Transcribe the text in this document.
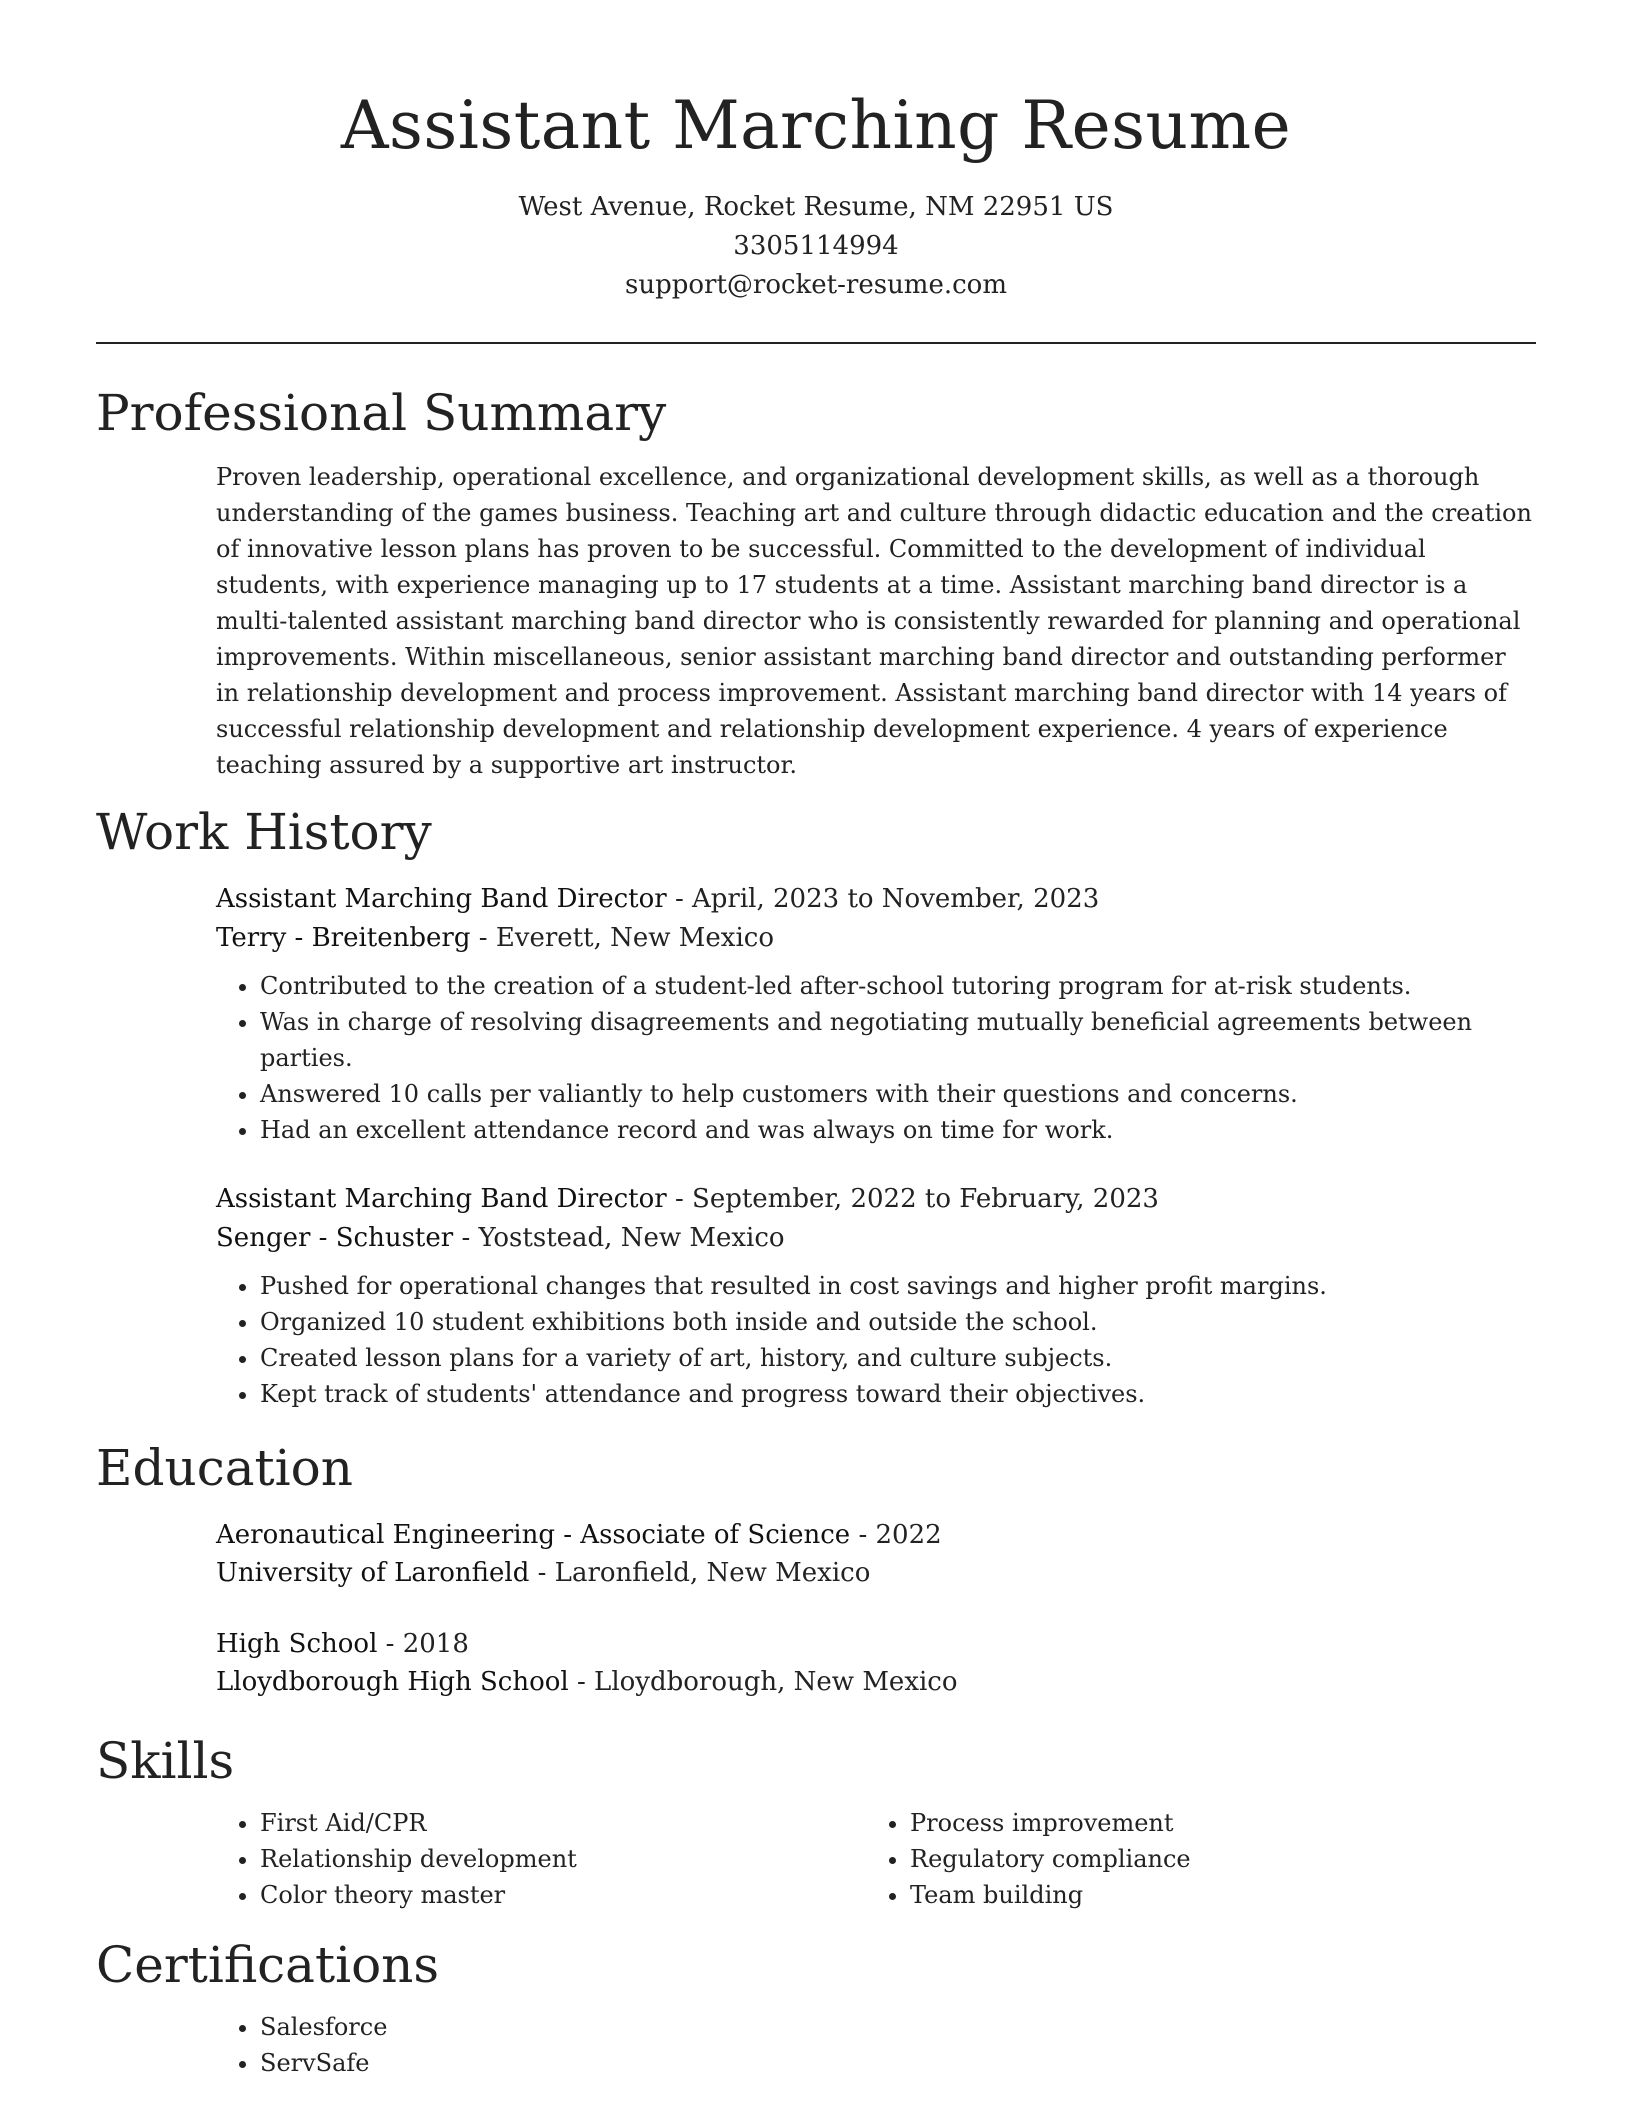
Assistant Marching Resume
West Avenue, Rocket Resume, NM 22951 US
3305114994
support@rocket-resume.com
Professional Summary
Proven leadership, operational excellence, and organizational development skills, as well as a thorough understanding of the games business. Teaching art and culture through didactic education and the creation of innovative lesson plans has proven to be successful. Committed to the development of individual students, with experience managing up to 17 students at a time. Assistant marching band director is a multi-talented assistant marching band director who is consistently rewarded for planning and operational improvements. Within miscellaneous, senior assistant marching band director and outstanding performer in relationship development and process improvement. Assistant marching band director with 14 years of successful relationship development and relationship development experience. 4 years of experience teaching assured by a supportive art instructor.
Work History
Assistant Marching Band Director - April, 2023 to November, 2023
Terry - Breitenberg - Everett, New Mexico
• Contributed to the creation of a student-led after-school tutoring program for at-risk students.
• Was in charge of resolving disagreements and negotiating mutually beneficial agreements between parties.
• Answered 10 calls per valiantly to help customers with their questions and concerns.
• Had an excellent attendance record and was always on time for work.
Assistant Marching Band Director - September, 2022 to February, 2023
Senger - Schuster - Yoststead, New Mexico
• Pushed for operational changes that resulted in cost savings and higher profit margins.
• Organized 10 student exhibitions both inside and outside the school.
• Created lesson plans for a variety of art, history, and culture subjects.
• Kept track of students' attendance and progress toward their objectives.
Education
Aeronautical Engineering - Associate of Science - 2022
University of Laronfield - Laronfield, New Mexico
High School - 2018
Lloydborough High School - Lloydborough, New Mexico
Skills
• First Aid/CPR
• Relationship development
• Color theory master
• Process improvement
• Regulatory compliance
• Team building
Certifications
• Salesforce
• ServSafe
